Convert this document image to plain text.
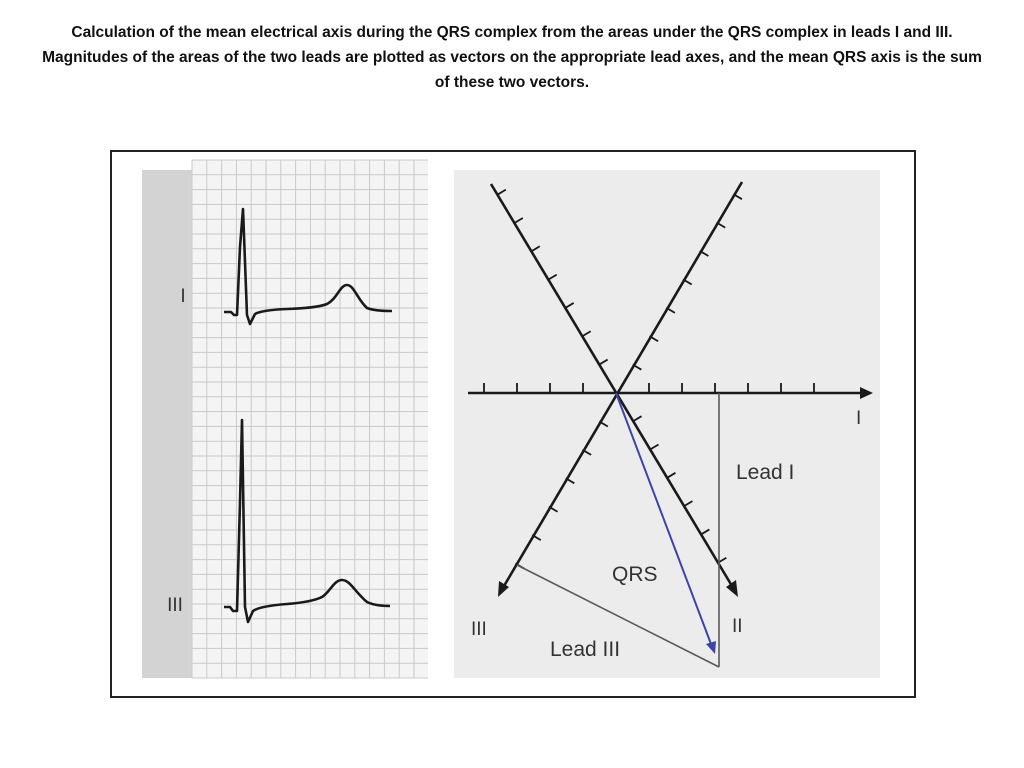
Calculation of the mean electrical axis during the QRS complex from the areas under the QRS complex in leads I and III.
Magnitudes of the areas of the two leads are plotted as vectors on the appropriate lead axes, and the mean QRS axis is the sum of these two vectors.
I
III
I
II
III
Lead I
QRS
Lead III
